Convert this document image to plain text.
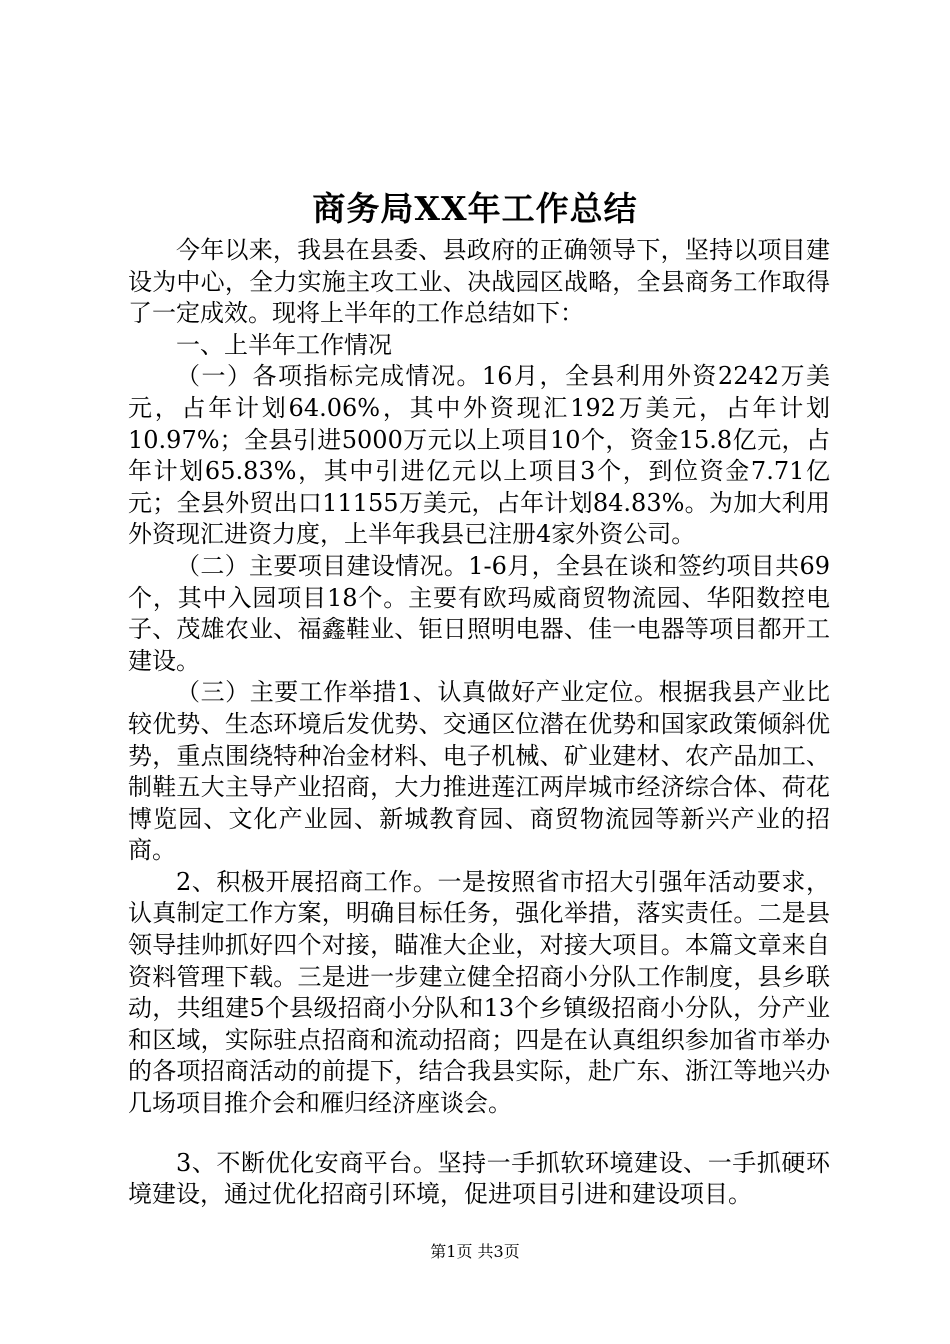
商务局XX年工作总结

今年以来，我县在县委、县政府的正确领导下，坚持以项目建设为中心，全力实施主攻工业、决战园区战略，全县商务工作取得了一定成效。现将上半年的工作总结如下：

一、上半年工作情况

（一）各项指标完成情况。16月，全县利用外资2242万美元，占年计划64.06%，其中外资现汇192万美元，占年计划10.97%；全县引进5000万元以上项目10个，资金15.8亿元，占年计划65.83%，其中引进亿元以上项目3个，到位资金7.71亿元；全县外贸出口11155万美元，占年计划84.83%。为加大利用外资现汇进资力度，上半年我县已注册4家外资公司。

（二）主要项目建设情况。1-6月，全县在谈和签约项目共69个，其中入园项目18个。主要有欧玛威商贸物流园、华阳数控电子、茂雄农业、福鑫鞋业、钜日照明电器、佳一电器等项目都开工建设。

（三）主要工作举措1、认真做好产业定位。根据我县产业比较优势、生态环境后发优势、交通区位潜在优势和国家政策倾斜优势，重点围绕特种冶金材料、电子机械、矿业建材、农产品加工、制鞋五大主导产业招商，大力推进莲江两岸城市经济综合体、荷花博览园、文化产业园、新城教育园、商贸物流园等新兴产业的招商。

2、积极开展招商工作。一是按照省市招大引强年活动要求，认真制定工作方案，明确目标任务，强化举措，落实责任。二是县领导挂帅抓好四个对接，瞄准大企业，对接大项目。本篇文章来自资料管理下载。三是进一步建立健全招商小分队工作制度，县乡联动，共组建5个县级招商小分队和13个乡镇级招商小分队，分产业和区域，实际驻点招商和流动招商；四是在认真组织参加省市举办的各项招商活动的前提下，结合我县实际，赴广东、浙江等地兴办几场项目推介会和雁归经济座谈会。

3、不断优化安商平台。坚持一手抓软环境建设、一手抓硬环境建设，通过优化招商引环境，促进项目引进和建设项目。

第1页 共3页
